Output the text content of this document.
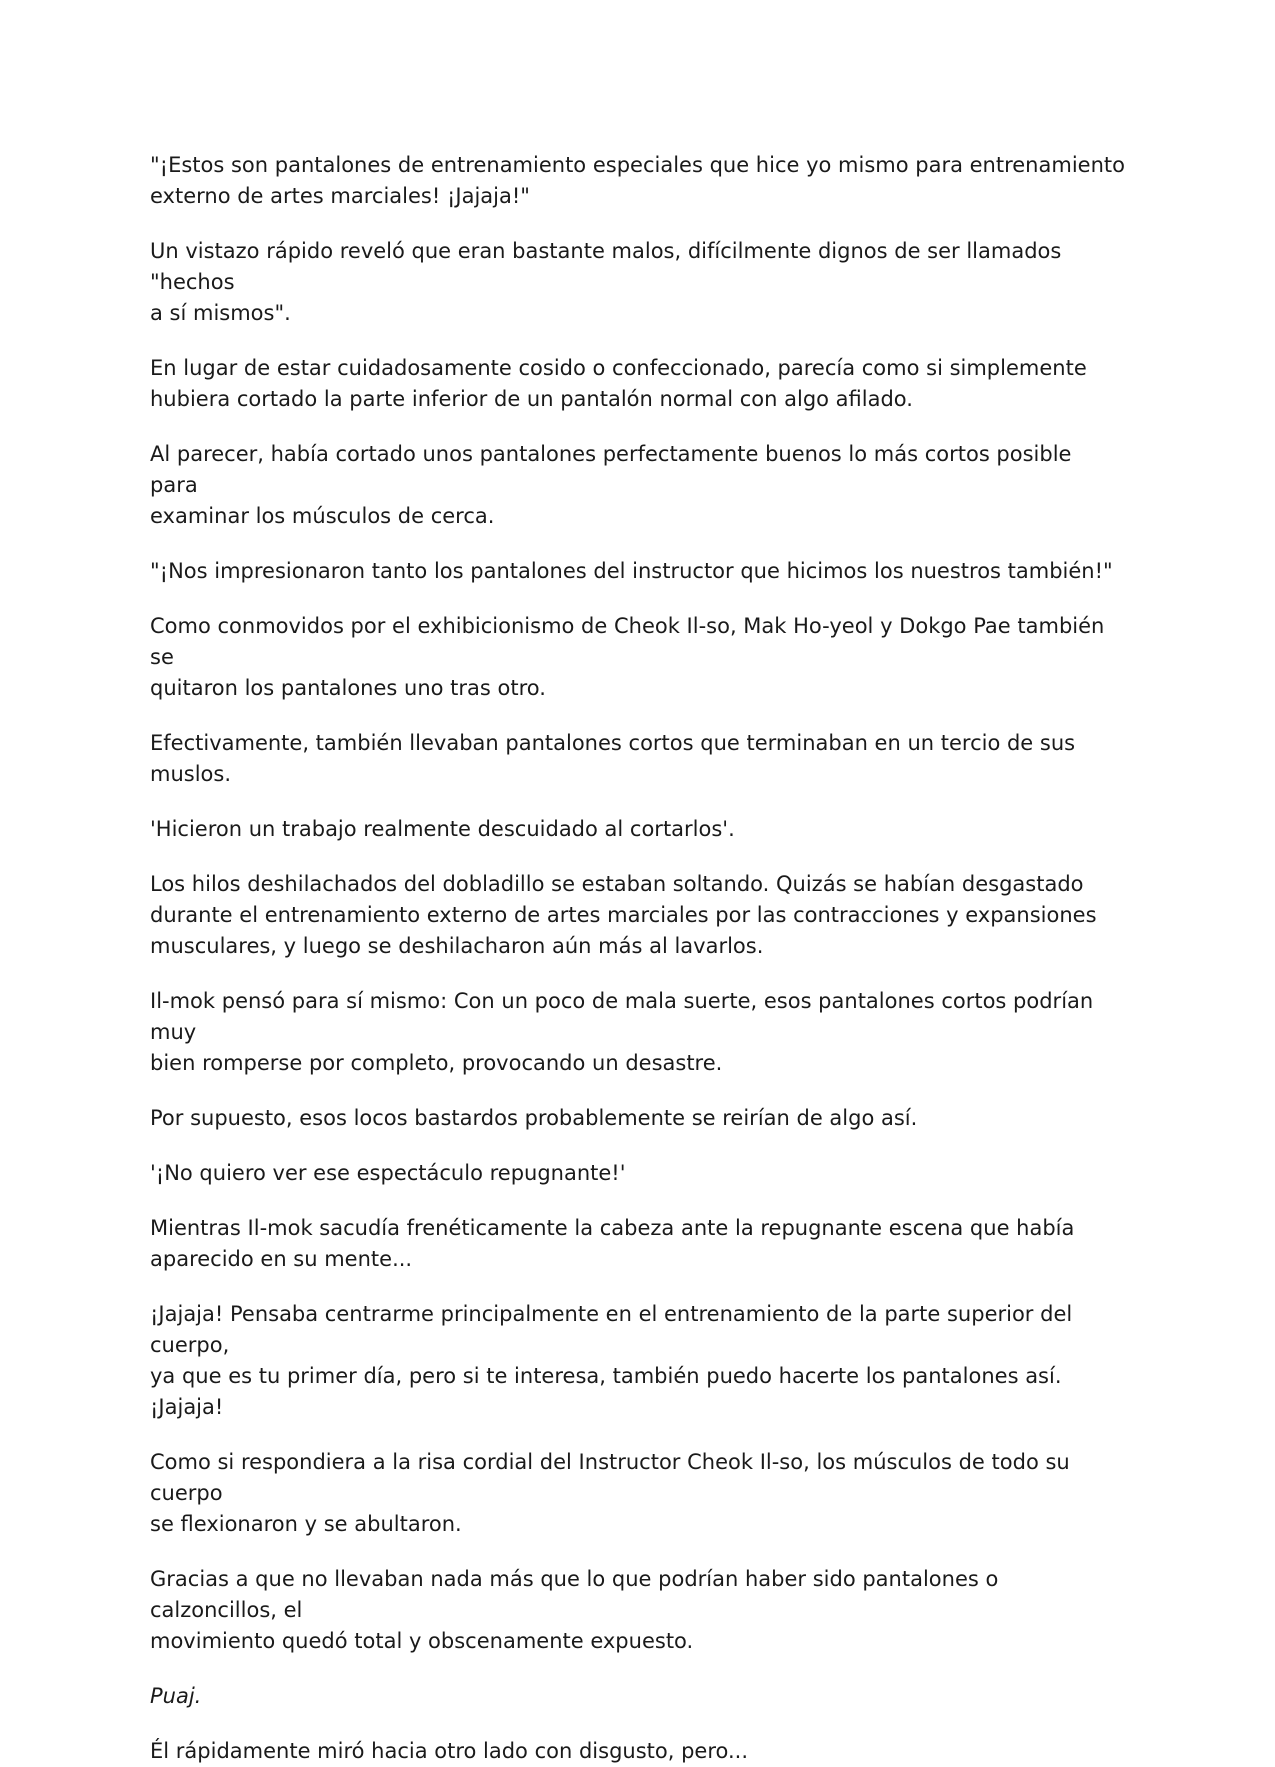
"¡Estos son pantalones de entrenamiento especiales que hice yo mismo para entrenamiento
externo de artes marciales! ¡Jajaja!"

Un vistazo rápido reveló que eran bastante malos, difícilmente dignos de ser llamados "hechos
a sí mismos".

En lugar de estar cuidadosamente cosido o confeccionado, parecía como si simplemente
hubiera cortado la parte inferior de un pantalón normal con algo afilado.

Al parecer, había cortado unos pantalones perfectamente buenos lo más cortos posible para
examinar los músculos de cerca.

"¡Nos impresionaron tanto los pantalones del instructor que hicimos los nuestros también!"

Como conmovidos por el exhibicionismo de Cheok Il-so, Mak Ho-yeol y Dokgo Pae también se
quitaron los pantalones uno tras otro.

Efectivamente, también llevaban pantalones cortos que terminaban en un tercio de sus muslos.

'Hicieron un trabajo realmente descuidado al cortarlos'.

Los hilos deshilachados del dobladillo se estaban soltando. Quizás se habían desgastado
durante el entrenamiento externo de artes marciales por las contracciones y expansiones
musculares, y luego se deshilacharon aún más al lavarlos.

Il-mok pensó para sí mismo: Con un poco de mala suerte, esos pantalones cortos podrían muy
bien romperse por completo, provocando un desastre.

Por supuesto, esos locos bastardos probablemente se reirían de algo así.

'¡No quiero ver ese espectáculo repugnante!'

Mientras Il-mok sacudía frenéticamente la cabeza ante la repugnante escena que había
aparecido en su mente...

¡Jajaja! Pensaba centrarme principalmente en el entrenamiento de la parte superior del cuerpo,
ya que es tu primer día, pero si te interesa, también puedo hacerte los pantalones así. ¡Jajaja!

Como si respondiera a la risa cordial del Instructor Cheok Il-so, los músculos de todo su cuerpo
se flexionaron y se abultaron.

Gracias a que no llevaban nada más que lo que podrían haber sido pantalones o calzoncillos, el
movimiento quedó total y obscenamente expuesto.

Puaj.

Él rápidamente miró hacia otro lado con disgusto, pero...
